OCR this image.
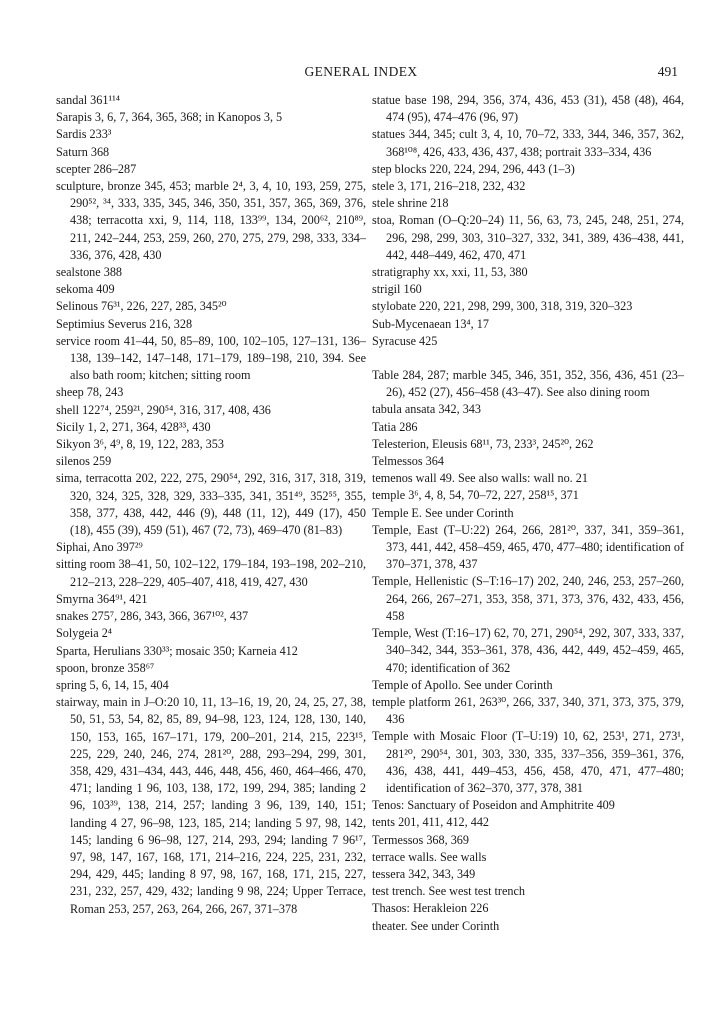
GENERAL INDEX	491

sandal 361¹¹⁴

Sarapis 3, 6, 7, 364, 365, 368; in Kanopos 3, 5

Sardis 233³

Saturn 368

scepter 286–287

sculpture, bronze 345, 453; marble 2⁴, 3, 4, 10, 193, 259, 275, 290⁵², ³⁴, 333, 335, 345, 346, 350, 351, 357, 365, 369, 376, 438; terracotta xxi, 9, 114, 118, 133⁹⁹, 134, 200⁶², 210⁸⁹, 211, 242–244, 253, 259, 260, 270, 275, 279, 298, 333, 334–336, 376, 428, 430

sealstone 388

sekoma 409

Selinous 76³¹, 226, 227, 285, 345²⁰

Septimius Severus 216, 328

service room 41–44, 50, 85–89, 100, 102–105, 127–131, 136–138, 139–142, 147–148, 171–179, 189–198, 210, 394. See also bath room; kitchen; sitting room

sheep 78, 243

shell 122⁷⁴, 259²¹, 290⁵⁴, 316, 317, 408, 436

Sicily 1, 2, 271, 364, 428³³, 430

Sikyon 3⁶, 4⁹, 8, 19, 122, 283, 353

silenos 259

sima, terracotta 202, 222, 275, 290⁵⁴, 292, 316, 317, 318, 319, 320, 324, 325, 328, 329, 333–335, 341, 351⁴⁹, 352⁵⁵, 355, 358, 377, 438, 442, 446 (9), 448 (11, 12), 449 (17), 450 (18), 455 (39), 459 (51), 467 (72, 73), 469–470 (81–83)

Siphai, Ano 397²⁹

sitting room 38–41, 50, 102–122, 179–184, 193–198, 202–210, 212–213, 228–229, 405–407, 418, 419, 427, 430

Smyrna 364⁹¹, 421

snakes 275⁷, 286, 343, 366, 367¹⁰², 437

Solygeia 2⁴

Sparta, Herulians 330³³; mosaic 350; Karneia 412

spoon, bronze 358⁶⁷

spring 5, 6, 14, 15, 404

stairway, main in J–O:20 10, 11, 13–16, 19, 20, 24, 25, 27, 38, 50, 51, 53, 54, 82, 85, 89, 94–98, 123, 124, 128, 130, 140, 150, 153, 165, 167–171, 179, 200–201, 214, 215, 223¹⁵, 225, 229, 240, 246, 274, 281²⁰, 288, 293–294, 299, 301, 358, 429, 431–434, 443, 446, 448, 456, 460, 464–466, 470, 471; landing 1 96, 103, 138, 172, 199, 294, 385; landing 2 96, 103³⁹, 138, 214, 257; landing 3 96, 139, 140, 151; landing 4 27, 96–98, 123, 185, 214; landing 5 97, 98, 142, 145; landing 6 96–98, 127, 214, 293, 294; landing 7 96¹⁷, 97, 98, 147, 167, 168, 171, 214–216, 224, 225, 231, 232, 294, 429, 445; landing 8 97, 98, 167, 168, 171, 215, 227, 231, 232, 257, 429, 432; landing 9 98, 224; Upper Terrace, Roman 253, 257, 263, 264, 266, 267, 371–378

statue base 198, 294, 356, 374, 436, 453 (31), 458 (48), 464, 474 (95), 474–476 (96, 97)

statues 344, 345; cult 3, 4, 10, 70–72, 333, 344, 346, 357, 362, 368¹⁰⁸, 426, 433, 436, 437, 438; portrait 333–334, 436

step blocks 220, 224, 294, 296, 443 (1–3)

stele 3, 171, 216–218, 232, 432

stele shrine 218

stoa, Roman (O–Q:20–24) 11, 56, 63, 73, 245, 248, 251, 274, 296, 298, 299, 303, 310–327, 332, 341, 389, 436–438, 441, 442, 448–449, 462, 470, 471

stratigraphy xx, xxi, 11, 53, 380

strigil 160

stylobate 220, 221, 298, 299, 300, 318, 319, 320–323

Sub-Mycenaean 13⁴, 17

Syracuse 425

Table 284, 287; marble 345, 346, 351, 352, 356, 436, 451 (23–26), 452 (27), 456–458 (43–47). See also dining room

tabula ansata 342, 343

Tatia 286

Telesterion, Eleusis 68¹¹, 73, 233³, 245²⁰, 262

Telmessos 364

temenos wall 49. See also walls: wall no. 21

temple 3⁶, 4, 8, 54, 70–72, 227, 258¹⁵, 371

Temple E. See under Corinth

Temple, East (T–U:22) 264, 266, 281²⁰, 337, 341, 359–361, 373, 441, 442, 458–459, 465, 470, 477–480; identification of 370–371, 378, 437

Temple, Hellenistic (S–T:16–17) 202, 240, 246, 253, 257–260, 264, 266, 267–271, 353, 358, 371, 373, 376, 432, 433, 456, 458

Temple, West (T:16–17) 62, 70, 271, 290⁵⁴, 292, 307, 333, 337, 340–342, 344, 353–361, 378, 436, 442, 449, 452–459, 465, 470; identification of 362

Temple of Apollo. See under Corinth

temple platform 261, 263³⁰, 266, 337, 340, 371, 373, 375, 379, 436

Temple with Mosaic Floor (T–U:19) 10, 62, 253¹, 271, 273¹, 281²⁰, 290⁵⁴, 301, 303, 330, 335, 337–356, 359–361, 376, 436, 438, 441, 449–453, 456, 458, 470, 471, 477–480; identification of 362–370, 377, 378, 381

Tenos: Sanctuary of Poseidon and Amphitrite 409

tents 201, 411, 412, 442

Termessos 368, 369

terrace walls. See walls

tessera 342, 343, 349

test trench. See west test trench

Thasos: Herakleion 226

theater. See under Corinth
